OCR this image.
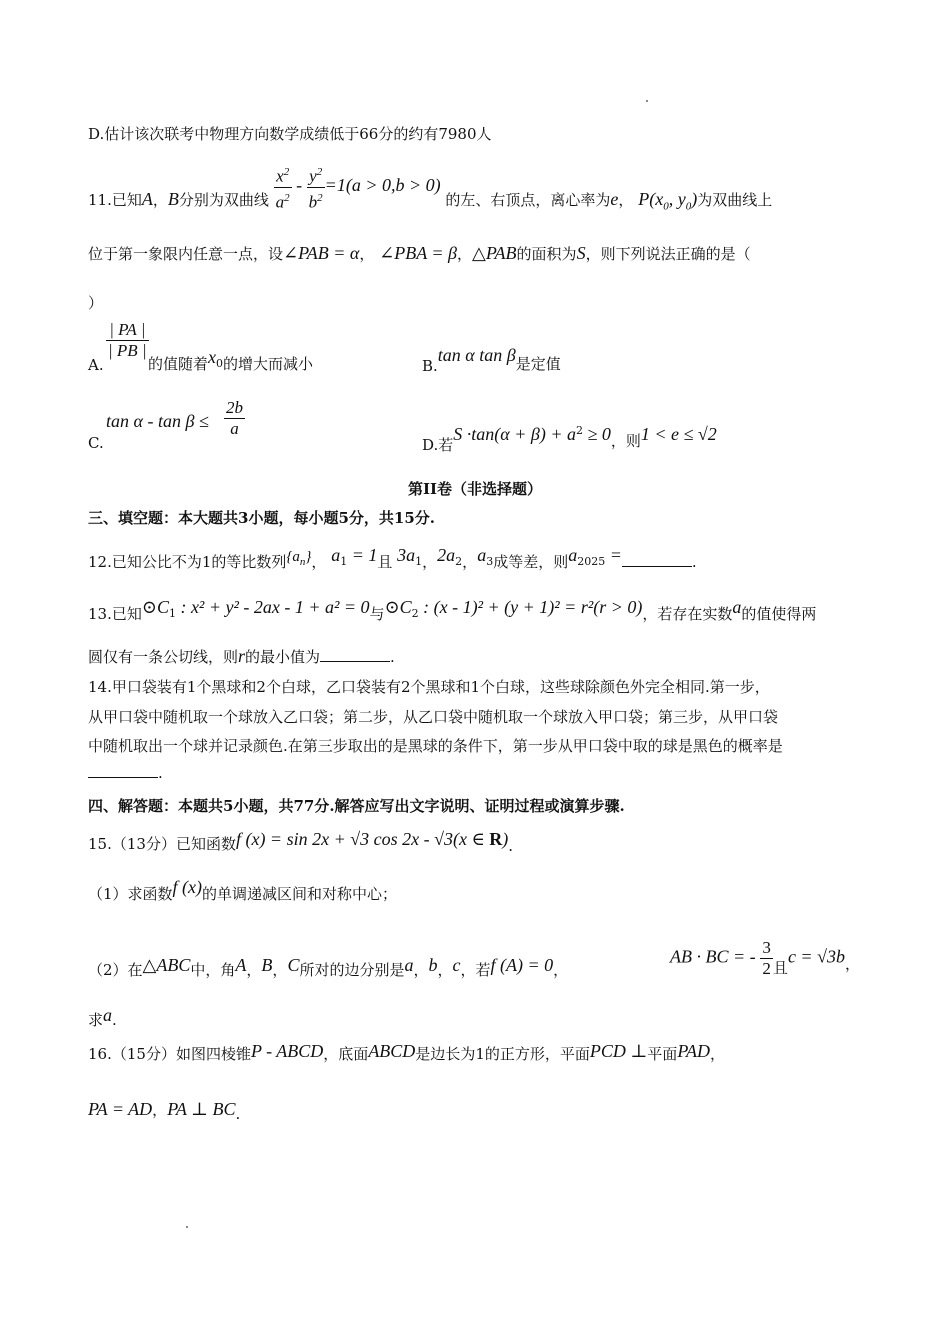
D.估计该次联考中物理方向数学成绩低于66分的约有7980人
11.已知A，B分别为双曲线 $\frac{x^2}{a^2} - \frac{y^2}{b^2} =1(a > 0,b > 0)$ 的左、右顶点，离心率为e， $P(x_0$, $y_0$)为双曲线上
位于第一象限内任意一点，设∠PAB = α， ∠PBA = β，△PAB的面积为S，则下列说法正确的是（
）
A.
$\frac{| PA |}{| PB |}$
的值随着$x_0$的增大而减小	B.tan α tan β是定值
C.
$\tan \alpha - \tan \beta \le \frac{2b}{a}$
D.若$S \cdot\tan(\alpha + \beta) + a^2 \ge 0$，则1 < e ≤ √2
第II卷（非选择题）
三、填空题：本大题共3小题，每小题5分，共15分.
12.已知公比不为1的等比数列$\{a_n\}$， $a_1 = 1$且 $3a_1$，$2a_2$，$a_3$成等差，则$a_{2025}$ =	.
13.已知$⊙C_1$ : x² + y² - 2ax - 1 + a² = 0与$⊙C_2$ : (x - 1)² + (y + 1)² = r²(r > 0)，若存在实数a的值使得两
圆仅有一条公切线，则r的最小值为	.
14.甲口袋装有1个黑球和2个白球，乙口袋装有2个黑球和1个白球，这些球除颜色外完全相同.第一步，
从甲口袋中随机取一个球放入乙口袋；第二步，从乙口袋中随机取一个球放入甲口袋；第三步，从甲口袋
中随机取出一个球并记录颜色.在第三步取出的是黑球的条件下，第一步从甲口袋中取的球是黑色的概率是
.
四、解答题：本题共5小题，共77分.解答应写出文字说明、证明过程或演算步骤.
15.（13分）已知函数f (x) = sin 2x + √3 cos 2x - √3(x ∈ R).
（1）求函数f (x)的单调递减区间和对称中心；
（2）在△ABC中，角A，B，C所对的边分别是a，b，c，若f (A) = 0，
AB · BC = - $\frac{3}{2}$ 且c = √3b，
求a.
16.（15分）如图四棱锥P - ABCD，底面ABCD是边长为1的正方形，平面PCD ⊥平面PAD，
PA = AD，PA ⊥ BC.
